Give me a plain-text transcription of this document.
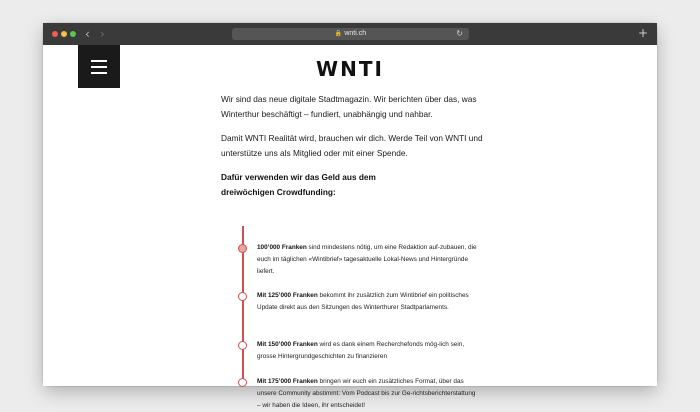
‹ ›	🔒 wnti.ch	↻	+
WNTI
Wir sind das neue digitale Stadtmagazin. Wir berichten über das, was Winterthur beschäftigt – fundiert, unabhängig und nahbar.
Damit WNTI Realität wird, brauchen wir dich. Werde Teil von WNTI und unterstütze uns als Mitglied oder mit einer Spende.
Dafür verwenden wir das Geld aus dem dreiwöchigen Crowdfunding:
100’000 Franken sind mindestens nötig, um eine Redaktion auf-zubauen, die euch im täglichen «Wintibrief» tagesaktuelle Lokal-News und Hintergründe liefert.
Mit 125’000 Franken bekommt ihr zusätzlich zum Wintibrief ein politisches Update direkt aus den Sitzungen des Winterthurer Stadtparlaments.
Mit 150’000 Franken wird es dank einem Recherchefonds mög-lich sein, grosse Hintergrundgeschichten zu finanzieren
Mit 175’000 Franken bringen wir euch ein zusätzliches Format, über das unsere Community abstimmt: Vom Podcast bis zur Ge-richtsberichterstattung – wir haben die Ideen, ihr entscheidet!
